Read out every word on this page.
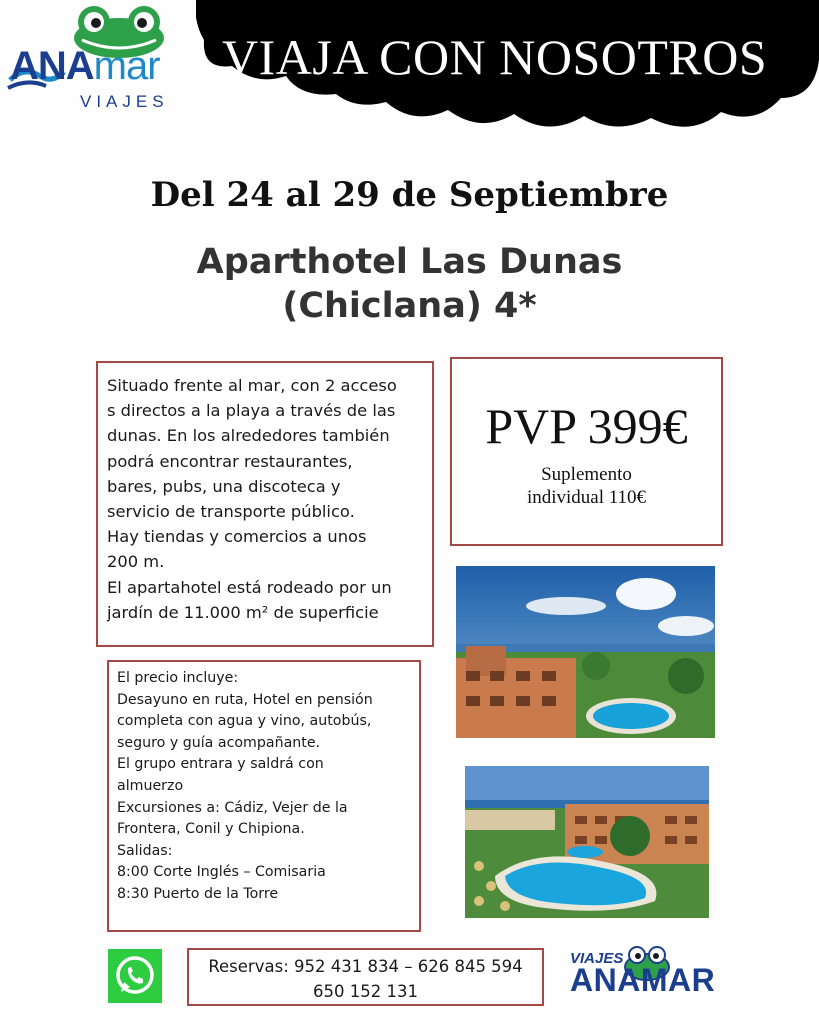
ANAmar
VIAJES
VIAJA CON NOSOTROS
Del 24 al 29 de Septiembre
Aparthotel Las Dunas
(Chiclana) 4*
Situado frente al mar, con 2 acceso
s directos a la playa a través de las
dunas. En los alrededores también
podrá encontrar restaurantes,
bares, pubs, una discoteca y
servicio de transporte público.
Hay tiendas y comercios a unos
200 m.
El apartahotel está rodeado por un
jardín de 11.000 m² de superficie
PVP 399€
Suplemento
individual 110€
El precio incluye:
Desayuno en ruta, Hotel en pensión
completa con agua y vino, autobús,
seguro y guía acompañante.
El grupo entrara y saldrá con
almuerzo
Excursiones a: Cádiz, Vejer de la
Frontera, Conil y Chipiona.
Salidas:
8:00 Corte Inglés – Comisaria
8:30 Puerto de la Torre
Reservas: 952 431 834 – 626 845 594
650 152 131
VIAJES
ANAMAR
